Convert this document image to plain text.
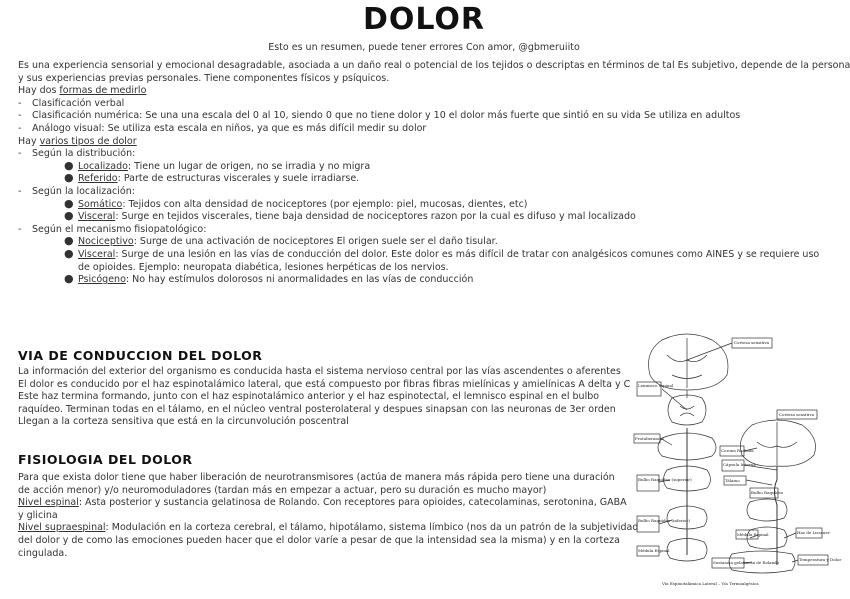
DOLOR
Esto es un resumen, puede tener errores Con amor, @gbmeruiito
Es una experiencia sensorial y emocional desagradable, asociada a un daño real o potencial de los tejidos o descriptas en términos de tal Es subjetivo, depende de la persona
y sus experiencias previas personales. Tiene componentes físicos y psíquicos.
Hay dos formas de medirlo
- Clasificación verbal
- Clasificación numérica: Se una una escala del 0 al 10, siendo 0 que no tiene dolor y 10 el dolor más fuerte que sintió en su vida Se utiliza en adultos
- Análogo visual: Se utiliza esta escala en niños, ya que es más difícil medir su dolor
Hay varios tipos de dolor
- Según la distribución:
● Localizado: Tiene un lugar de origen, no se irradia y no migra
● Referido: Parte de estructuras viscerales y suele irradiarse.
- Según la localización:
● Somático: Tejidos con alta densidad de nociceptores (por ejemplo: piel, mucosas, dientes, etc)
● Visceral: Surge en tejidos viscerales, tiene baja densidad de nociceptores razon por la cual es difuso y mal localizado
- Según el mecanismo fisiopatológico:
● Nociceptivo: Surge de una activación de nociceptores El origen suele ser el daño tisular.
● Visceral: Surge de una lesión en las vías de conducción del dolor. Este dolor es más difícil de tratar con analgésicos comunes como AINES y se requiere uso
de opioides. Ejemplo: neuropata diabética, lesiones herpéticas de los nervios.
● Psicógeno: No hay estímulos dolorosos ni anormalidades en las vías de conducción
VIA DE CONDUCCION DEL DOLOR
La información del exterior del organismo es conducida hasta el sistema nervioso central por las vías ascendentes o aferentes
El dolor es conducido por el haz espinotalámico lateral, que está compuesto por fibras fibras mielínicas y amielínicas A delta y C
Este haz termina formando, junto con el haz espinotalámico anterior y el haz espinotectal, el lemnisco espinal en el bulbo
raquídeo. Terminan todas en el tálamo, en el núcleo ventral posterolateral y despues sinapsan con las neuronas de 3er orden
Llegan a la corteza sensitiva que está en la circunvolución poscentral
FISIOLOGIA DEL DOLOR
Para que exista dolor tiene que haber liberación de neurotransmisores (actúa de manera más rápida pero tiene una duración
de acción menor) y/o neuromoduladores (tardan más en empezar a actuar, pero su duración es mucho mayor)
Nivel espinal: Asta posterior y sustancia gelatinosa de Rolando. Con receptores para opioides, catecolaminas, serotonina, GABA
y glicina
Nivel supraespinal: Modulación en la corteza cerebral, el tálamo, hipotálamo, sistema límbico (nos da un patrón de la subjetividad
del dolor y de como las emociones pueden hacer que el dolor varíe a pesar de que la intensidad sea la misma) y en la corteza
cingulada.
Corteza sensitiva
Lemnisco espinal
Corteza sensitiva
Protuberancia
Corona Radiada
Cápsula Interna
Tálamo
Bulbo Raquídeo (superior)
Bulbo Raquídeo (inferior)
Médula Espinal
Bulbo Raquídeo
Médula Espinal	Haz de Lissauer
Sustancia gelatinosa de Rolando
Temperatura y Dolor
Vía Espinotalámica Lateral – Vía Termoalgésica
